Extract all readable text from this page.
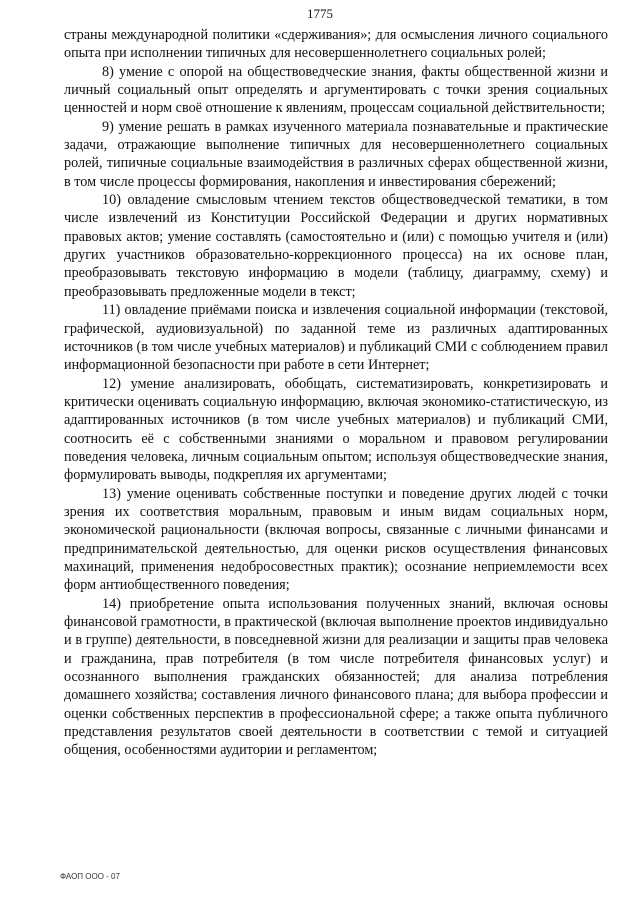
1775

страны международной политики «сдерживания»; для осмысления личного социального опыта при исполнении типичных для несовершеннолетнего социальных ролей;

8) умение с опорой на обществоведческие знания, факты общественной жизни и личный социальный опыт определять и аргументировать с точки зрения социальных ценностей и норм своё отношение к явлениям, процессам социальной действительности;

9) умение решать в рамках изученного материала познавательные и практические задачи, отражающие выполнение типичных для несовершеннолетнего социальных ролей, типичные социальные взаимодействия в различных сферах общественной жизни, в том числе процессы формирования, накопления и инвестирования сбережений;

10) овладение смысловым чтением текстов обществоведческой тематики, в том числе извлечений из Конституции Российской Федерации и других нормативных правовых актов; умение составлять (самостоятельно и (или) с помощью учителя и (или) других участников образовательно-коррекционного процесса) на их основе план, преобразовывать текстовую информацию в модели (таблицу, диаграмму, схему) и преобразовывать предложенные модели в текст;

11) овладение приёмами поиска и извлечения социальной информации (текстовой, графической, аудиовизуальной) по заданной теме из различных адаптированных источников (в том числе учебных материалов) и публикаций СМИ с соблюдением правил информационной безопасности при работе в сети Интернет;

12) умение анализировать, обобщать, систематизировать, конкретизировать и критически оценивать социальную информацию, включая экономико-статистическую, из адаптированных источников (в том числе учебных материалов) и публикаций СМИ, соотносить её с собственными знаниями о моральном и правовом регулировании поведения человека, личным социальным опытом; используя обществоведческие знания, формулировать выводы, подкрепляя их аргументами;

13) умение оценивать собственные поступки и поведение других людей с точки зрения их соответствия моральным, правовым и иным видам социальных норм, экономической рациональности (включая вопросы, связанные с личными финансами и предпринимательской деятельностью, для оценки рисков осуществления финансовых махинаций, применения недобросовестных практик); осознание неприемлемости всех форм антиобщественного поведения;

14) приобретение опыта использования полученных знаний, включая основы финансовой грамотности, в практической (включая выполнение проектов индивидуально и в группе) деятельности, в повседневной жизни для реализации и защиты прав человека и гражданина, прав потребителя (в том числе потребителя финансовых услуг) и осознанного выполнения гражданских обязанностей; для анализа потребления домашнего хозяйства; составления личного финансового плана; для выбора профессии и оценки собственных перспектив в профессиональной сфере; а также опыта публичного представления результатов своей деятельности в соответствии с темой и ситуацией общения, особенностями аудитории и регламентом;

ФАОП ООО - 07
